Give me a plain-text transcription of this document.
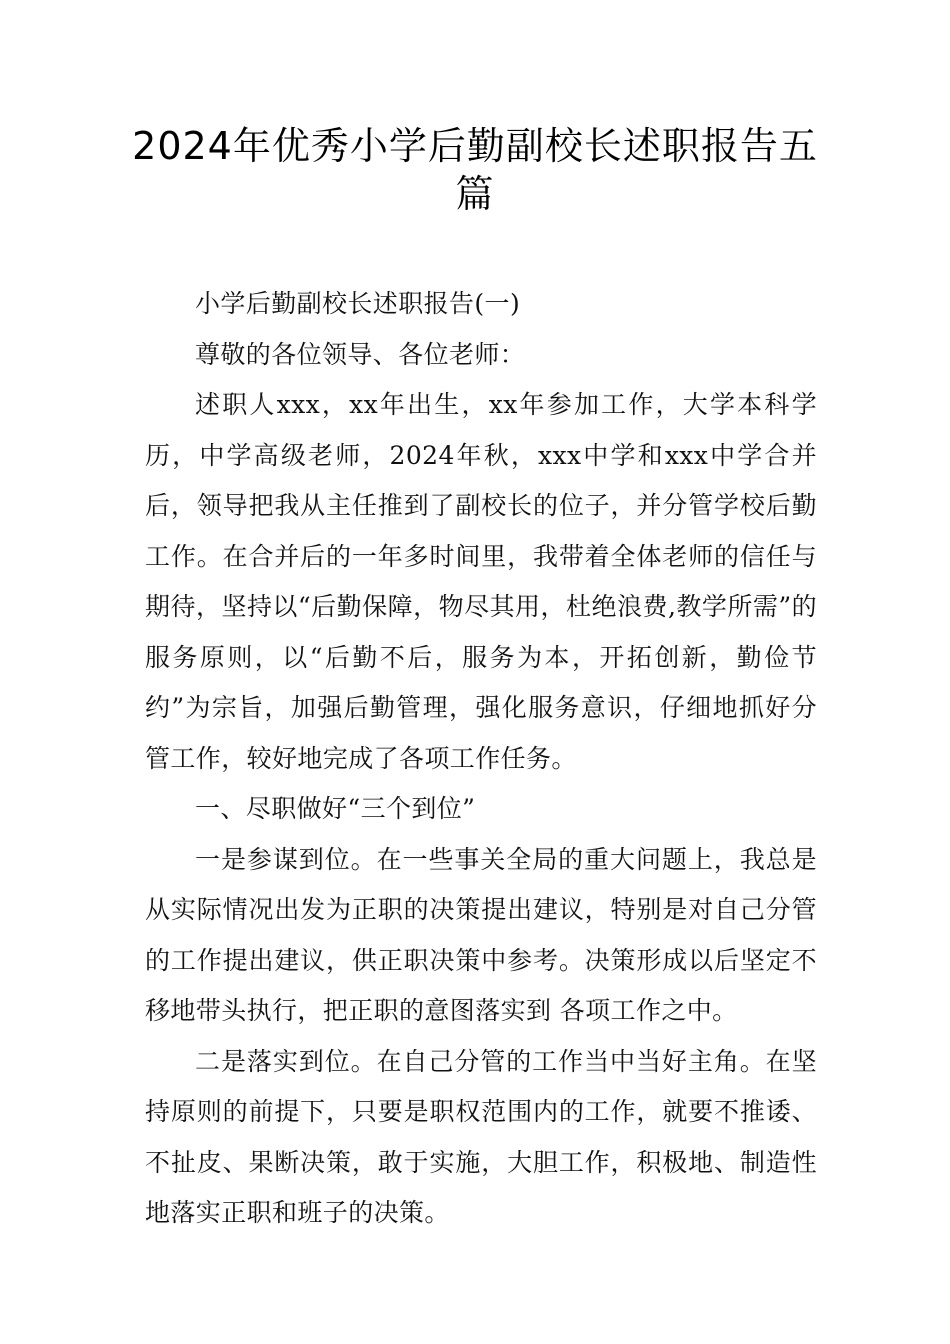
2024年优秀小学后勤副校长述职报告五篇

小学后勤副校长述职报告(一)

尊敬的各位领导、各位老师：

述职人xxx，xx年出生，xx年参加工作，大学本科学历，中学高级老师，2024年秋，xxx中学和xxx中学合并后，领导把我从主任推到了副校长的位子，并分管学校后勤工作。在合并后的一年多时间里，我带着全体老师的信任与期待，坚持以“后勤保障，物尽其用，杜绝浪费,教学所需”的服务原则，以“后勤不后，服务为本，开拓创新，勤俭节约”为宗旨，加强后勤管理，强化服务意识，仔细地抓好分管工作，较好地完成了各项工作任务。

一、尽职做好“三个到位”

一是参谋到位。在一些事关全局的重大问题上，我总是从实际情况出发为正职的决策提出建议，特别是对自己分管的工作提出建议，供正职决策中参考。决策形成以后坚定不移地带头执行，把正职的意图落实到 各项工作之中。

二是落实到位。在自己分管的工作当中当好主角。在坚持原则的前提下，只要是职权范围内的工作，就要不推诿、不扯皮、果断决策，敢于实施，大胆工作，积极地、制造性地落实正职和班子的决策。
